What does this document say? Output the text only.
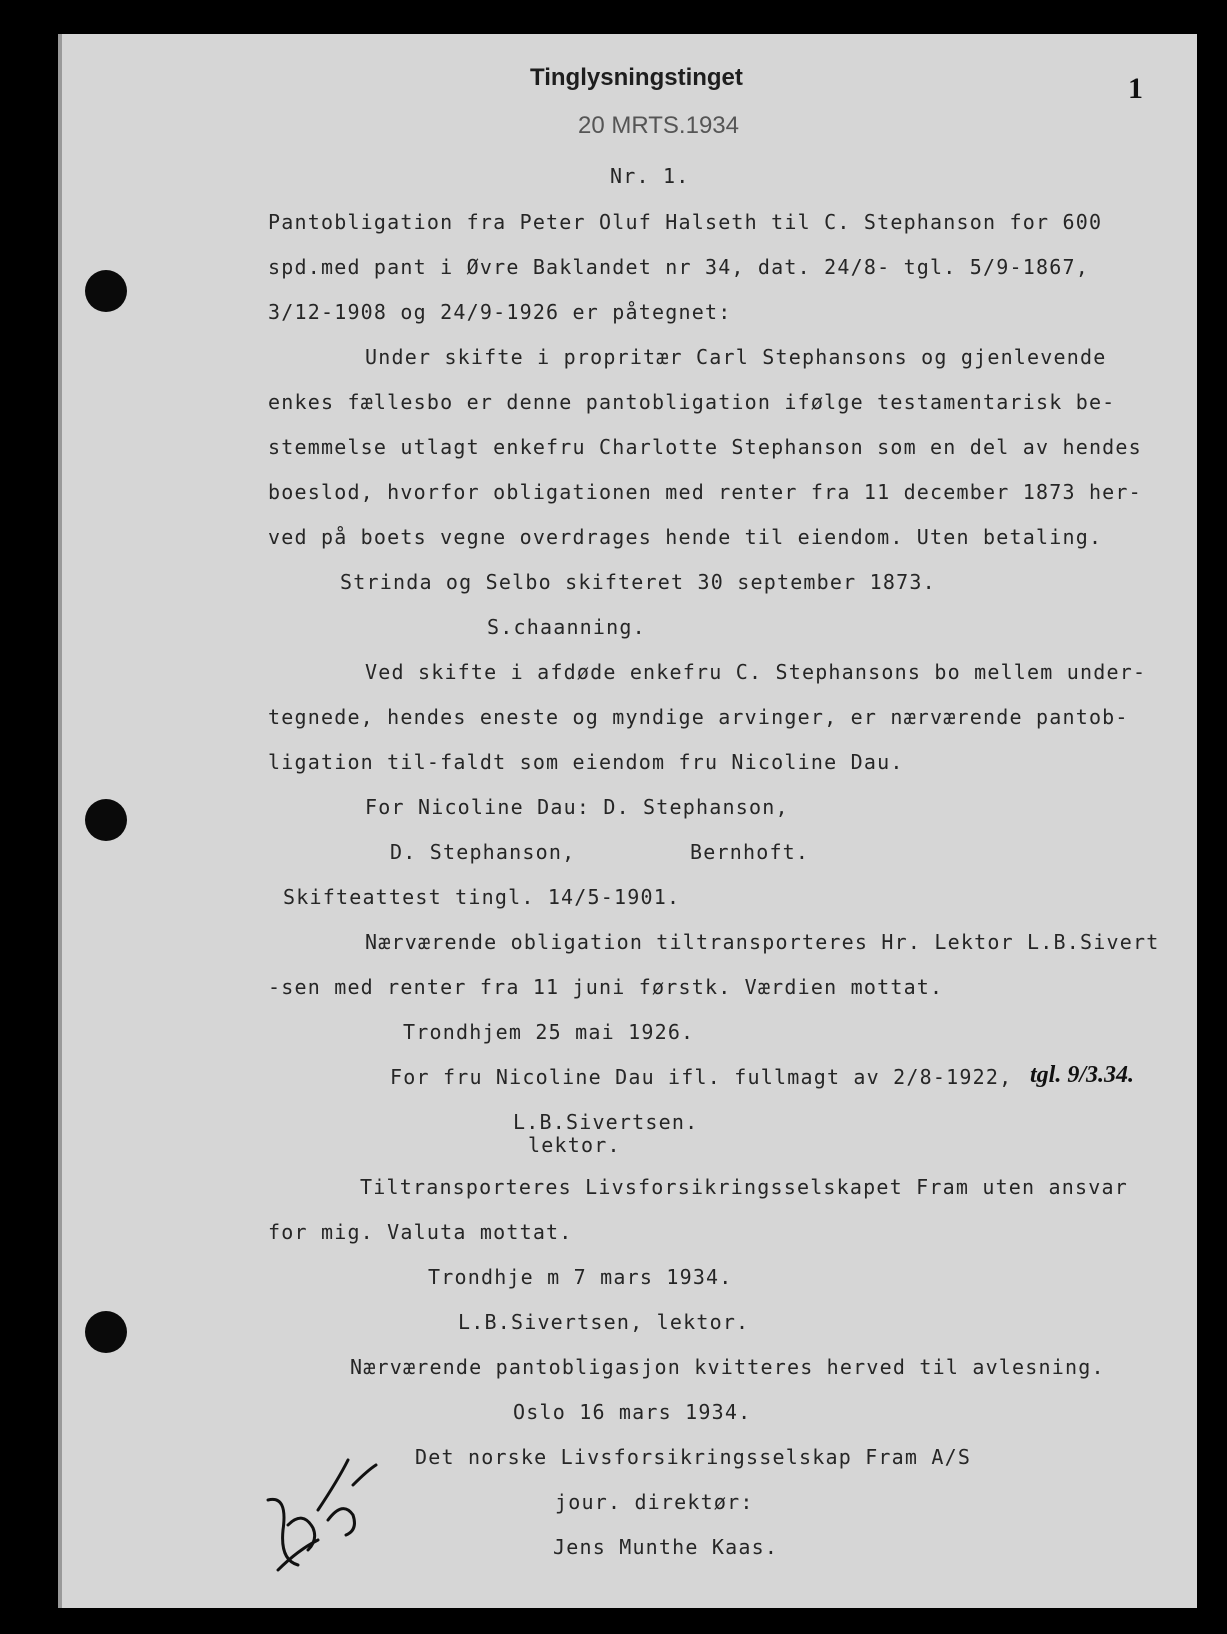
Tinglysningstinget
20 MRTS.1934
1
Nr. 1.
Pantobligation fra Peter Oluf Halseth til C. Stephanson for 600
spd.med pant i Øvre Baklandet nr 34, dat. 24/8- tgl. 5/9-1867,
3/12-1908 og 24/9-1926 er påtegnet:
Under skifte i propritær Carl Stephansons og gjenlevende
enkes fællesbo er denne pantobligation ifølge testamentarisk be-
stemmelse utlagt enkefru Charlotte Stephanson som en del av hendes
boeslod, hvorfor obligationen med renter fra 11 december 1873 her-
ved på boets vegne overdrages hende til eiendom. Uten betaling.
Strinda og Selbo skifteret 30 september 1873.
S.chaanning.
Ved skifte i afdøde enkefru C. Stephansons bo mellem under-
tegnede, hendes eneste og myndige arvinger, er nærværende pantob-
ligation til-faldt som eiendom fru Nicoline Dau.
For Nicoline Dau: D. Stephanson,
D. Stephanson,	Bernhoft.
Skifteattest tingl. 14/5-1901.
Nærværende obligation tiltransporteres Hr. Lektor L.B.Sivert
-sen med renter fra 11 juni førstk. Værdien mottat.
Trondhjem 25 mai 1926.
For fru Nicoline Dau ifl. fullmagt av 2/8-1922, tgl. 9/3.34.
L.B.Sivertsen.
lektor.
Tiltransporteres Livsforsikringsselskapet Fram uten ansvar
for mig. Valuta mottat.
Trondhje m 7 mars 1934.
L.B.Sivertsen, lektor.
Nærværende pantobligasjon kvitteres herved til avlesning.
Oslo 16 mars 1934.
Det norske Livsforsikringsselskap Fram A/S
jour. direktør:
Jens Munthe Kaas.
